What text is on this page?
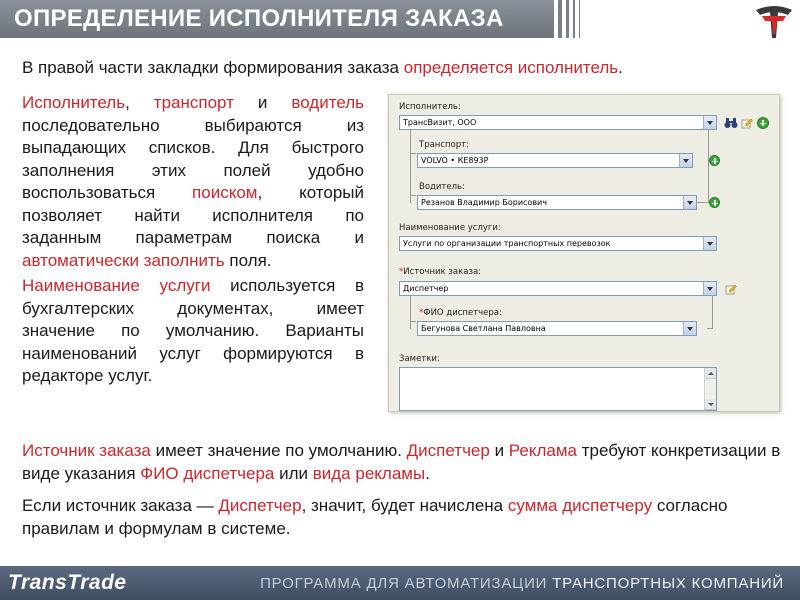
ОПРЕДЕЛЕНИЕ ИСПОЛНИТЕЛЯ ЗАКАЗА
В правой части закладки формирования заказа определяется исполнитель.

Исполнитель, транспорт и водитель последовательно выбираются из выпадающих списков. Для быстрого заполнения этих полей удобно воспользоваться поиском, который позволяет найти исполнителя по заданным параметрам поиска и автоматически заполнить поля.

Наименование услуги используется в бухгалтерских документах, имеет значение по умолчанию. Варианты наименований услуг формируются в редакторе услуг.

Исполнитель:
ТрансВизит, ООО
Транспорт:
VOLVO • КЕ893Р
Водитель:
Резанов Владимир Борисович
Наименование услуги:
Услуги по организации транспортных перевозок
*Источник заказа:
Диспетчер
*ФИО диспетчера:
Бегунова Светлана Павловна
Заметки:
Источник заказа имеет значение по умолчанию. Диспетчер и Реклама требуют конкретизации в виде указания ФИО диспетчера или вида рекламы.
Если источник заказа — Диспетчер, значит, будет начислена сумма диспетчеру согласно правилам и формулам в системе.
TransTrade	ПРОГРАММА ДЛЯ АВТОМАТИЗАЦИИ ТРАНСПОРТНЫХ КОМПАНИЙ
